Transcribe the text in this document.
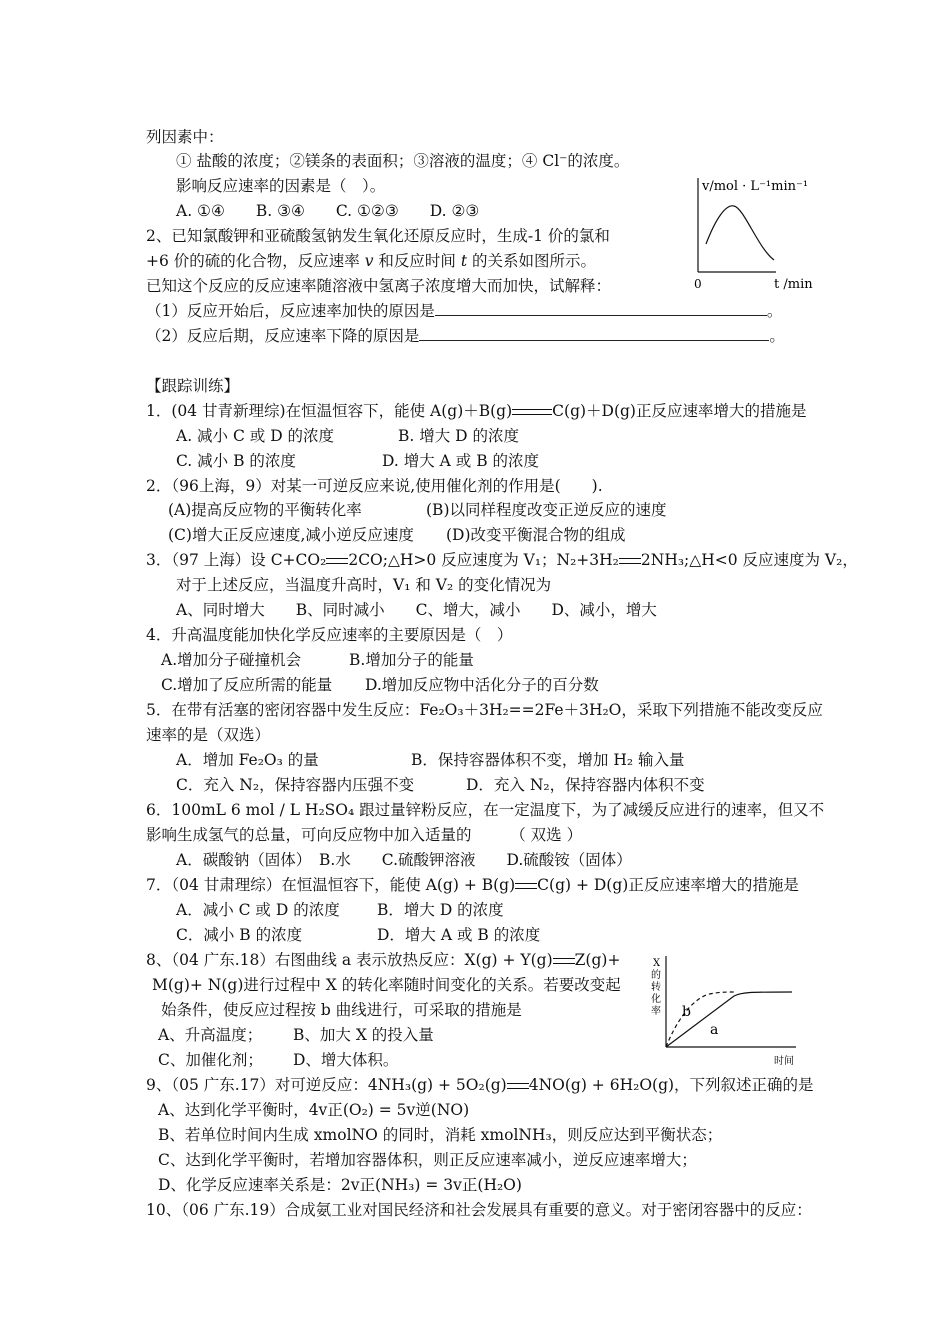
列因素中：
① 盐酸的浓度；②镁条的表面积；③溶液的温度；④ Cl⁻的浓度。
影响反应速率的因素是（　）。
A. ①④　　B. ③④　　C. ①②③　　D. ②③
2、已知氯酸钾和亚硫酸氢钠发生氧化还原反应时，生成-1 价的氯和
+6 价的硫的化合物，反应速率 v 和反应时间 t 的关系如图所示。
已知这个反应的反应速率随溶液中氢离子浓度增大而加快，试解释：
（1）反应开始后，反应速率加快的原因是	。
（2）反应后期，反应速率下降的原因是	。
v/mol · L⁻¹min⁻¹
0	t /min
【跟踪训练】
1．(04 甘青新理综)在恒温恒容下，能使 A(g)＋B(g)	C(g)＋D(g)正反应速率增大的措施是
A. 减小 C 或 D 的浓度	B. 增大 D 的浓度
C. 减小 B 的浓度	D. 增大 A 或 B 的浓度
2．（96上海，9）对某一可逆反应来说,使用催化剂的作用是(　　).
(A)提高反应物的平衡转化率	(B)以同样程度改变正逆反应的速度
(C)增大正反应速度,减小逆反应速度 (D)改变平衡混合物的组成
3．（97 上海）设 C+CO₂ 2CO;△H>0 反应速度为 V₁；N₂+3H₂ 2NH₃;△H<0 反应速度为 V₂，
对于上述反应，当温度升高时，V₁ 和 V₂ 的变化情况为
A、同时增大　　B、同时减小　　C、增大，减小　　D、减小，增大
4．升高温度能加快化学反应速率的主要原因是（　）
A.增加分子碰撞机会	B.增加分子的能量
C.增加了反应所需的能量 D.增加反应物中活化分子的百分数
5．在带有活塞的密闭容器中发生反应：Fe₂O₃＋3H₂==2Fe＋3H₂O，采取下列措施不能改变反应
速率的是（双选）
A．增加 Fe₂O₃ 的量	B．保持容器体积不变，增加 H₂ 输入量
C．充入 N₂，保持容器内压强不变	D．充入 N₂，保持容器内体积不变
6．100mL 6 mol / L H₂SO₄ 跟过量锌粉反应，在一定温度下，为了减缓反应进行的速率，但又不
影响生成氢气的总量，可向反应物中加入适量的　　　（ 双选 ）
A．碳酸钠（固体）　B.水　　C.硫酸钾溶液　　D.硫酸铵（固体）
7．（04 甘肃理综）在恒温恒容下，能使 A(g) + B(g) C(g) + D(g)正反应速率增大的措施是
A．减小 C 或 D 的浓度 B．增大 D 的浓度
C．减小 B 的浓度	D．增大 A 或 B 的浓度
8、（04 广东.18）右图曲线 a 表示放热反应：X(g) + Y(g) Z(g)+
M(g)+ N(g)进行过程中 X 的转化率随时间变化的关系。若要改变起
始条件，使反应过程按 b 曲线进行，可采取的措施是
A、升高温度； B、加大 X 的投入量
C、加催化剂； D、增大体积。
X
的
转
化
率 b
a
时间
9、（05 广东.17）对可逆反应：4NH₃(g) + 5O₂(g) 4NO(g) + 6H₂O(g)，下列叙述正确的是
A、达到化学平衡时，4v正(O₂) = 5v逆(NO)
B、若单位时间内生成 xmolNO 的同时，消耗 xmolNH₃，则反应达到平衡状态；
C、达到化学平衡时，若增加容器体积，则正反应速率减小，逆反应速率增大；
D、化学反应速率关系是：2v正(NH₃) = 3v正(H₂O)
10、（06 广东.19）合成氨工业对国民经济和社会发展具有重要的意义。对于密闭容器中的反应：
